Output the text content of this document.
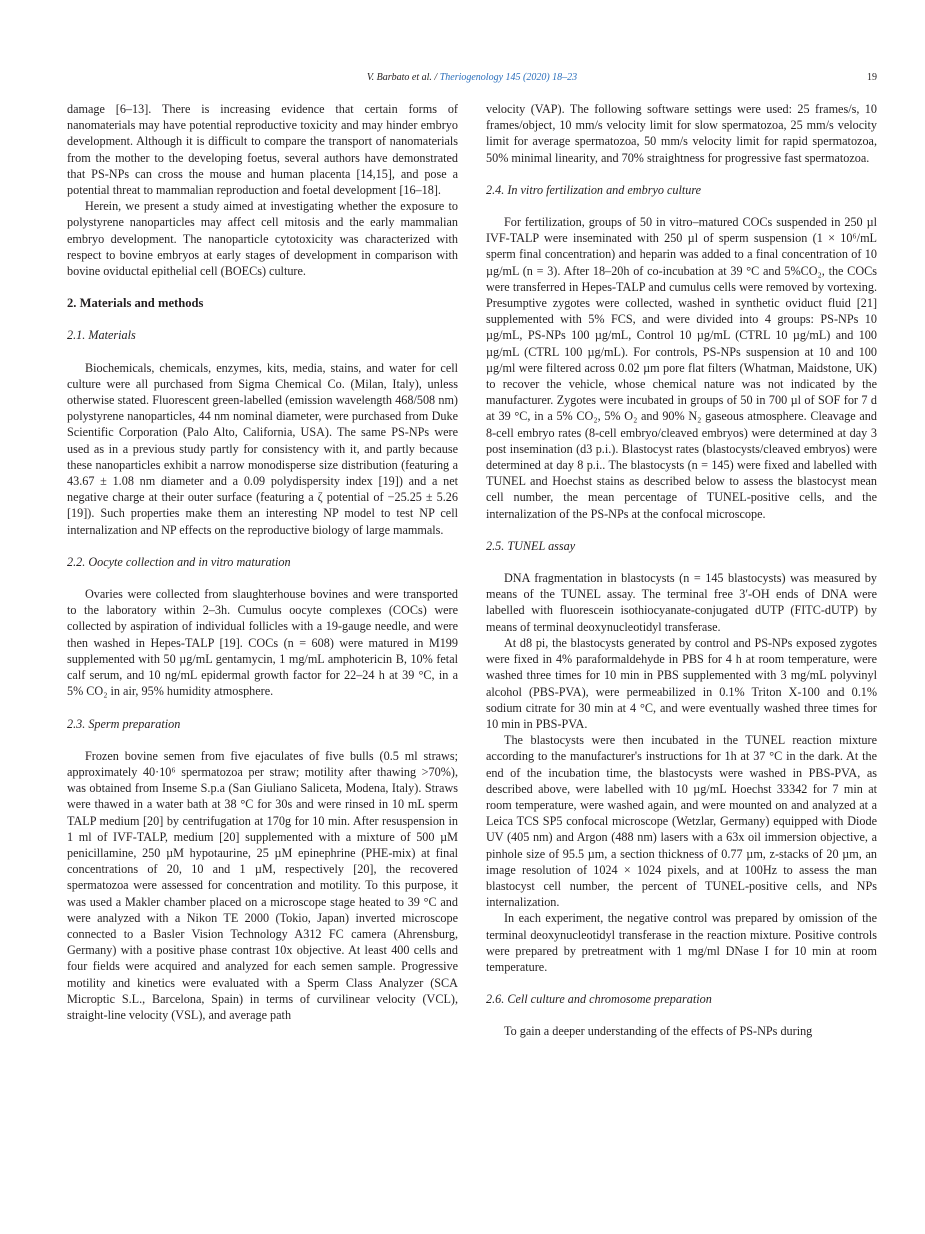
V. Barbato et al. / Theriogenology 145 (2020) 18–23	19

damage [6–13]. There is increasing evidence that certain forms of nanomaterials may have potential reproductive toxicity and may hinder embryo development. Although it is difficult to compare the transport of nanomaterials from the mother to the developing foetus, several authors have demonstrated that PS-NPs can cross the mouse and human placenta [14,15], and pose a potential threat to mammalian reproduction and foetal development [16–18].

Herein, we present a study aimed at investigating whether the exposure to polystyrene nanoparticles may affect cell mitosis and the early mammalian embryo development. The nanoparticle cytotoxicity was characterized with respect to bovine embryos at early stages of development in comparison with bovine oviductal epithelial cell (BOECs) culture.

2. Materials and methods
2.1. Materials

Biochemicals, chemicals, enzymes, kits, media, stains, and water for cell culture were all purchased from Sigma Chemical Co. (Milan, Italy), unless otherwise stated. Fluorescent green-labelled (emission wavelength 468/508 nm) polystyrene nanoparticles, 44 nm nominal diameter, were purchased from Duke Scientific Corporation (Palo Alto, California, USA). The same PS-NPs were used as in a previous study partly for consistency with it, and partly because these nanoparticles exhibit a narrow monodisperse size distribution (featuring a 43.67 ± 1.08 nm diameter and a 0.09 polydispersity index [19]) and a net negative charge at their outer surface (featuring a ζ potential of −25.25 ± 5.26 [19]). Such properties make them an interesting NP model to test NP cell internalization and NP effects on the reproductive biology of large mammals.

2.2. Oocyte collection and in vitro maturation

Ovaries were collected from slaughterhouse bovines and were transported to the laboratory within 2–3h. Cumulus oocyte complexes (COCs) were collected by aspiration of individual follicles with a 19-gauge needle, and were then washed in Hepes-TALP [19]. COCs (n = 608) were matured in M199 supplemented with 50 µg/mL gentamycin, 1 mg/mL amphotericin B, 10% fetal calf serum, and 10 ng/mL epidermal growth factor for 22–24 h at 39 °C, in a 5% CO₂ in air, 95% humidity atmosphere.

2.3. Sperm preparation

Frozen bovine semen from five ejaculates of five bulls (0.5 ml straws; approximately 40·10⁶ spermatozoa per straw; motility after thawing >70%), was obtained from Inseme S.p.a (San Giuliano Saliceta, Modena, Italy). Straws were thawed in a water bath at 38 °C for 30s and were rinsed in 10 mL sperm TALP medium [20] by centrifugation at 170g for 10 min. After resuspension in 1 ml of IVF-TALP, medium [20] supplemented with a mixture of 500 µM penicillamine, 250 µM hypotaurine, 25 µM epinephrine (PHE-mix) at final concentrations of 20, 10 and 1 µM, respectively [20], the recovered spermatozoa were assessed for concentration and motility. To this purpose, it was used a Makler chamber placed on a microscope stage heated to 39 °C and were analyzed with a Nikon TE 2000 (Tokio, Japan) inverted microscope connected to a Basler Vision Technology A312 FC camera (Ahrensburg, Germany) with a positive phase contrast 10x objective. At least 400 cells and four fields were acquired and analyzed for each semen sample. Progressive motility and kinetics were evaluated with a Sperm Class Analyzer (SCA Microptic S.L., Barcelona, Spain) in terms of curvilinear velocity (VCL), straight-line velocity (VSL), and average path

velocity (VAP). The following software settings were used: 25 frames/s, 10 frames/object, 10 mm/s velocity limit for slow spermatozoa, 25 mm/s velocity limit for average spermatozoa, 50 mm/s velocity limit for rapid spermatozoa, 50% minimal linearity, and 70% straightness for progressive fast spermatozoa.

2.4. In vitro fertilization and embryo culture

For fertilization, groups of 50 in vitro–matured COCs suspended in 250 µl IVF-TALP were inseminated with 250 µl of sperm suspension (1 × 10⁶/mL sperm final concentration) and heparin was added to a final concentration of 10 µg/mL (n = 3). After 18–20h of co-incubation at 39 °C and 5%CO₂, the COCs were transferred in Hepes-TALP and cumulus cells were removed by vortexing. Presumptive zygotes were collected, washed in synthetic oviduct fluid [21] supplemented with 5% FCS, and were divided into 4 groups: PS-NPs 10 µg/mL, PS-NPs 100 µg/mL, Control 10 µg/mL (CTRL 10 µg/mL) and 100 µg/mL (CTRL 100 µg/mL). For controls, PS-NPs suspension at 10 and 100 µg/ml were filtered across 0.02 µm pore flat filters (Whatman, Maidstone, UK) to recover the vehicle, whose chemical nature was not indicated by the manufacturer. Zygotes were incubated in groups of 50 in 700 µl of SOF for 7 d at 39 °C, in a 5% CO₂, 5% O₂ and 90% N₂ gaseous atmosphere. Cleavage and 8-cell embryo rates (8-cell embryo/cleaved embryos) were determined at day 3 post insemination (d3 p.i.). Blastocyst rates (blastocysts/cleaved embryos) were determined at day 8 p.i.. The blastocysts (n = 145) were fixed and labelled with TUNEL and Hoechst stains as described below to assess the blastocyst mean cell number, the mean percentage of TUNEL-positive cells, and the internalization of the PS-NPs at the confocal microscope.

2.5. TUNEL assay

DNA fragmentation in blastocysts (n = 145 blastocysts) was measured by means of the TUNEL assay. The terminal free 3′-OH ends of DNA were labelled with fluorescein isothiocyanate-conjugated dUTP (FITC-dUTP) by means of terminal deoxynucleotidyl transferase.

At d8 pi, the blastocysts generated by control and PS-NPs exposed zygotes were fixed in 4% paraformaldehyde in PBS for 4 h at room temperature, were washed three times for 10 min in PBS supplemented with 3 mg/mL polyvinyl alcohol (PBS-PVA), were permeabilized in 0.1% Triton X-100 and 0.1% sodium citrate for 30 min at 4 °C, and were eventually washed three times for 10 min in PBS-PVA.

The blastocysts were then incubated in the TUNEL reaction mixture according to the manufacturer's instructions for 1h at 37 °C in the dark. At the end of the incubation time, the blastocysts were washed in PBS-PVA, as described above, were labelled with 10 µg/mL Hoechst 33342 for 7 min at room temperature, were washed again, and were mounted on and analyzed at a Leica TCS SP5 confocal microscope (Wetzlar, Germany) equipped with Diode UV (405 nm) and Argon (488 nm) lasers with a 63x oil immersion objective, a pinhole size of 95.5 µm, a section thickness of 0.77 µm, z-stacks of 20 µm, an image resolution of 1024 × 1024 pixels, and at 100Hz to assess the man blastocyst cell number, the percent of TUNEL-positive cells, and NPs internalization.

In each experiment, the negative control was prepared by omission of the terminal deoxynucleotidyl transferase in the reaction mixture. Positive controls were prepared by pretreatment with 1 mg/ml DNase I for 10 min at room temperature.

2.6. Cell culture and chromosome preparation

To gain a deeper understanding of the effects of PS-NPs during
